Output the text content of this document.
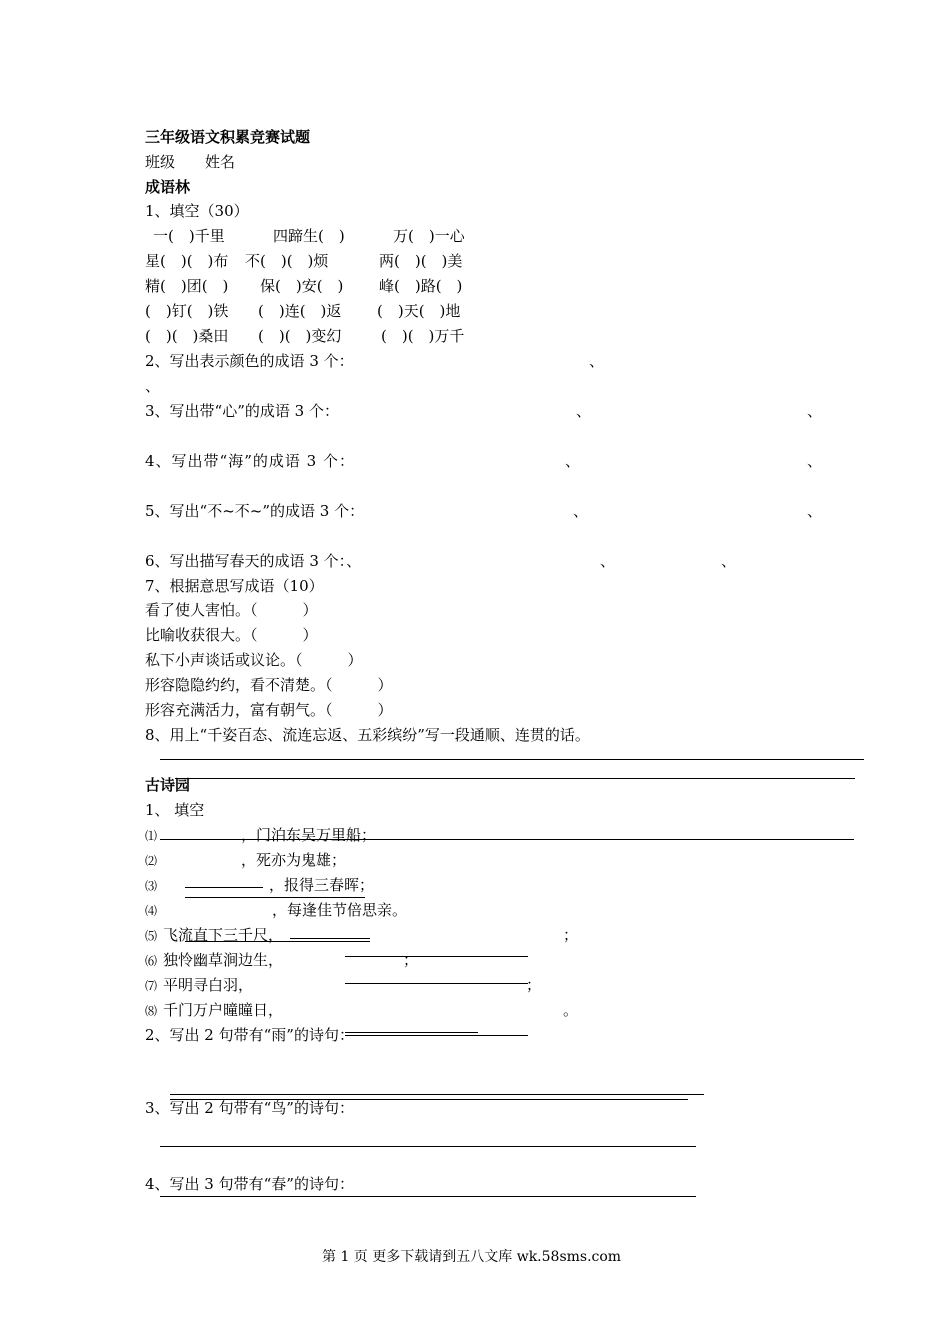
三年级语文积累竞赛试题
班级　　姓名
成语林
1、填空（30）
一(　)千里	四蹄生(　)	万(　)一心
星(　)(　)布 不(　)(　)烦	两(　)(　)美
精(　)团(　) 保(　)安(　) 峰(　)路(　)
(　)钉(　)铁 (　)连(　)返 (　)天(　)地
(　)(　)桑田 (　)(　)变幻	(　)(　)万千
2、写出表示颜色的成语 3 个：	、
、
3、写出带“心”的成语 3 个：	、	、
4、写出带“海”的成语 3 个：	、	、
5、写出“不~不~”的成语 3 个：	、	、
6、写出描写春天的成语 3 个：、	、	、
7、根据意思写成语（10）
看了使人害怕。（　　　）
比喻收获很大。（　　　）
私下小声谈话或议论。（　　　）
形容隐隐约约，看不清楚。（　　　）
形容充满活力，富有朝气。（　　　）
8、用上“千姿百态、流连忘返、五彩缤纷”写一段通顺、连贯的话。
古诗园
1、 填空
⑴	，门泊东吴万里船；
⑵	，死亦为鬼雄；
⑶	，报得三春晖；
⑷	，每逢佳节倍思亲。
⑸ 飞流直下三千尺，	；
⑹ 独怜幽草涧边生，	；
⑺ 平明寻白羽，	；
⑻ 千门万户曈曈日，	。
2、写出 2 句带有“雨”的诗句：
3、写出 2 句带有“鸟”的诗句：
4、写出 3 句带有“春”的诗句：
第 1 页 更多下载请到五八文库 wk.58sms.com
